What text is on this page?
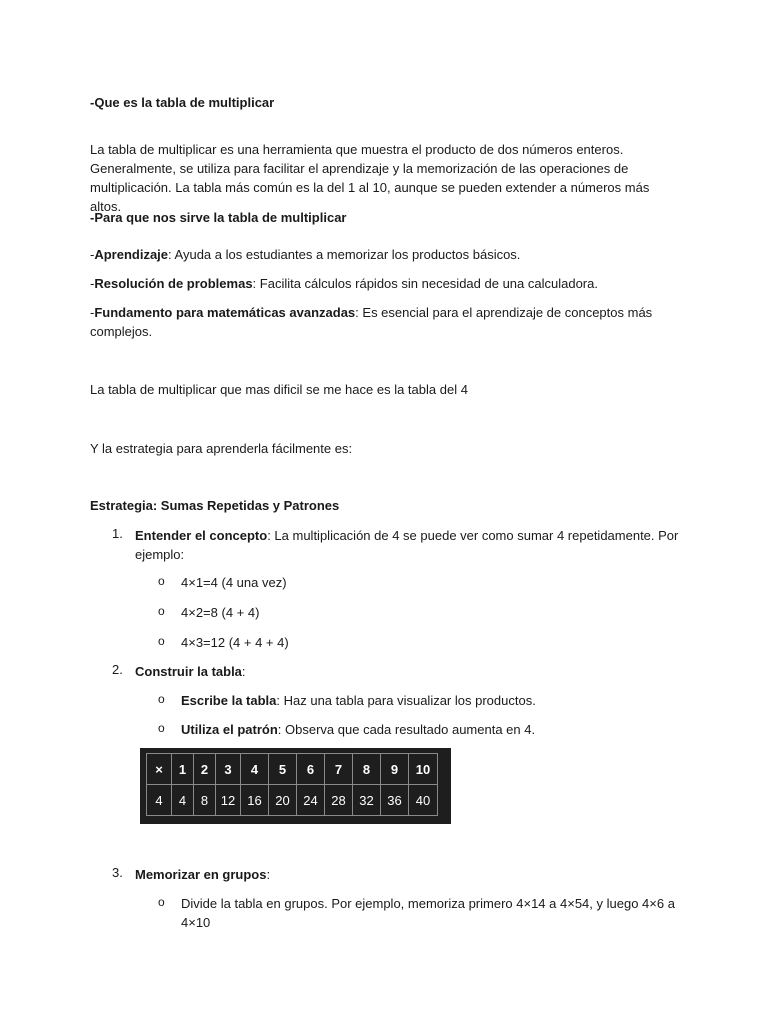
-Que es la tabla de multiplicar

La tabla de multiplicar es una herramienta que muestra el producto de dos números enteros. Generalmente, se utiliza para facilitar el aprendizaje y la memorización de las operaciones de multiplicación. La tabla más común es la del 1 al 10, aunque se pueden extender a números más altos.

-Para que nos sirve la tabla de multiplicar

-Aprendizaje: Ayuda a los estudiantes a memorizar los productos básicos.

-Resolución de problemas: Facilita cálculos rápidos sin necesidad de una calculadora.

-Fundamento para matemáticas avanzadas: Es esencial para el aprendizaje de conceptos más complejos.

La tabla de multiplicar que mas dificil se me hace es la tabla del 4

Y la estrategia para aprenderla fácilmente es:

Estrategia: Sumas Repetidas y Patrones

1. Entender el concepto: La multiplicación de 4 se puede ver como sumar 4 repetidamente. Por ejemplo:
o 4×1=4 (4 una vez)
o 4×2=8 (4 + 4)
o 4×3=12 (4 + 4 + 4)
2. Construir la tabla:
o Escribe la tabla: Haz una tabla para visualizar los productos.
o Utiliza el patrón: Observa que cada resultado aumenta en 4.
×	1	2	3	4	5	6	7	8	9	10
4	4	8	12	16	20	24	28	32	36	40
3. Memorizar en grupos:
o Divide la tabla en grupos. Por ejemplo, memoriza primero 4×14 a 4×54, y luego 4×6 a 4×10
